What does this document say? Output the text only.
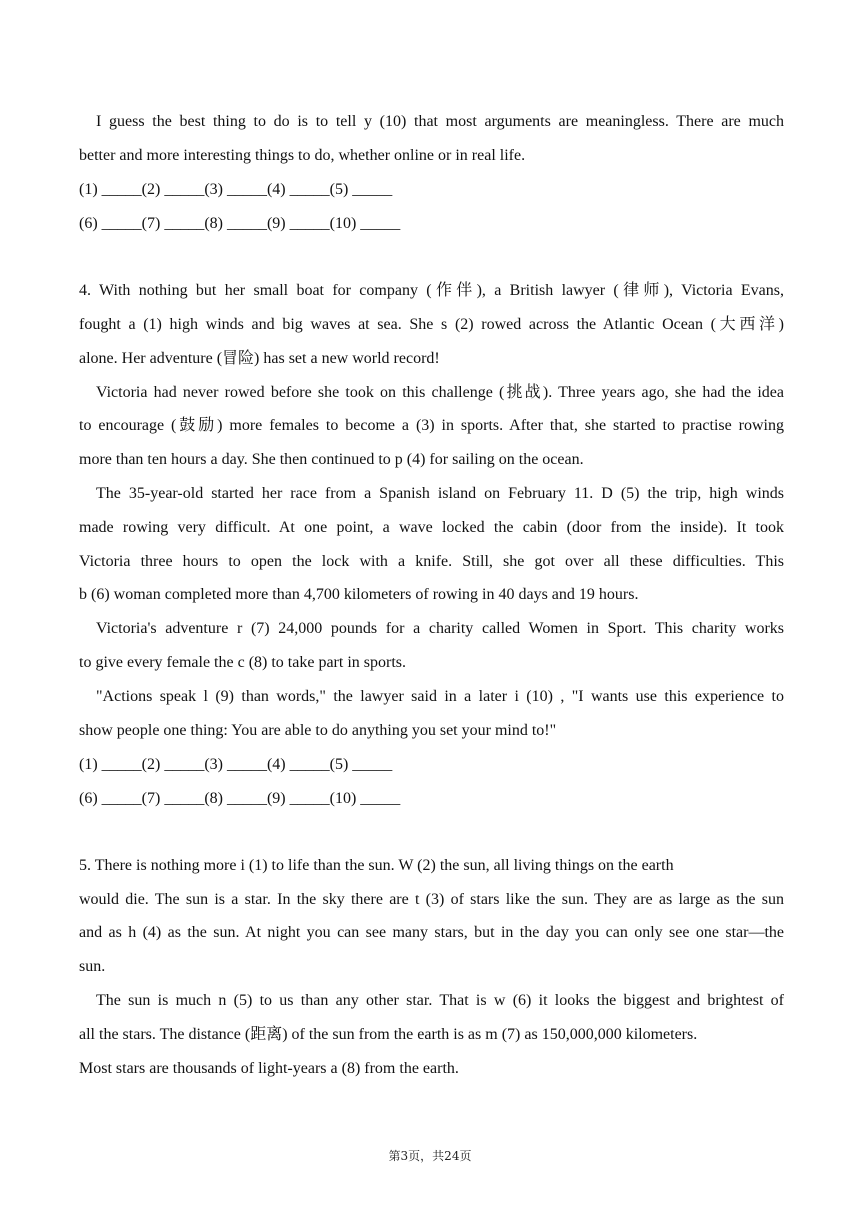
I guess the best thing to do is to tell y (10) that most arguments are meaningless. There are much
better and more interesting things to do, whether online or in real life.
(1) _____(2) _____(3) _____(4) _____(5) _____
(6) _____(7) _____(8) _____(9) _____(10) _____
4. With nothing but her small boat for company (作伴), a British lawyer (律师), Victoria Evans,
fought a (1) high winds and big waves at sea. She s (2) rowed across the Atlantic Ocean (大西洋)
alone. Her adventure (冒险) has set a new world record!
Victoria had never rowed before she took on this challenge (挑战). Three years ago, she had the idea
to encourage (鼓励) more females to become a (3) in sports. After that, she started to practise rowing
more than ten hours a day. She then continued to p (4) for sailing on the ocean.
The 35-year-old started her race from a Spanish island on February 11. D (5) the trip, high winds
made rowing very difficult. At one point, a wave locked the cabin (door from the inside). It took
Victoria three hours to open the lock with a knife. Still, she got over all these difficulties. This
b (6) woman completed more than 4,700 kilometers of rowing in 40 days and 19 hours.
Victoria's adventure r (7) 24,000 pounds for a charity called Women in Sport. This charity works
to give every female the c (8) to take part in sports.
"Actions speak l (9) than words," the lawyer said in a later i (10) , "I wants use this experience to
show people one thing: You are able to do anything you set your mind to!"
(1) _____(2) _____(3) _____(4) _____(5) _____
(6) _____(7) _____(8) _____(9) _____(10) _____
5. There is nothing more i (1) to life than the sun. W (2) the sun, all living things on the earth
would die. The sun is a star. In the sky there are t (3) of stars like the sun. They are as large as the sun
and as h (4) as the sun. At night you can see many stars, but in the day you can only see one star—the
sun.
The sun is much n (5) to us than any other star. That is w (6) it looks the biggest and brightest of
all the stars. The distance (距离) of the sun from the earth is as m (7) as 150,000,000 kilometers.
Most stars are thousands of light-years a (8) from the earth.
第3页，共24页
